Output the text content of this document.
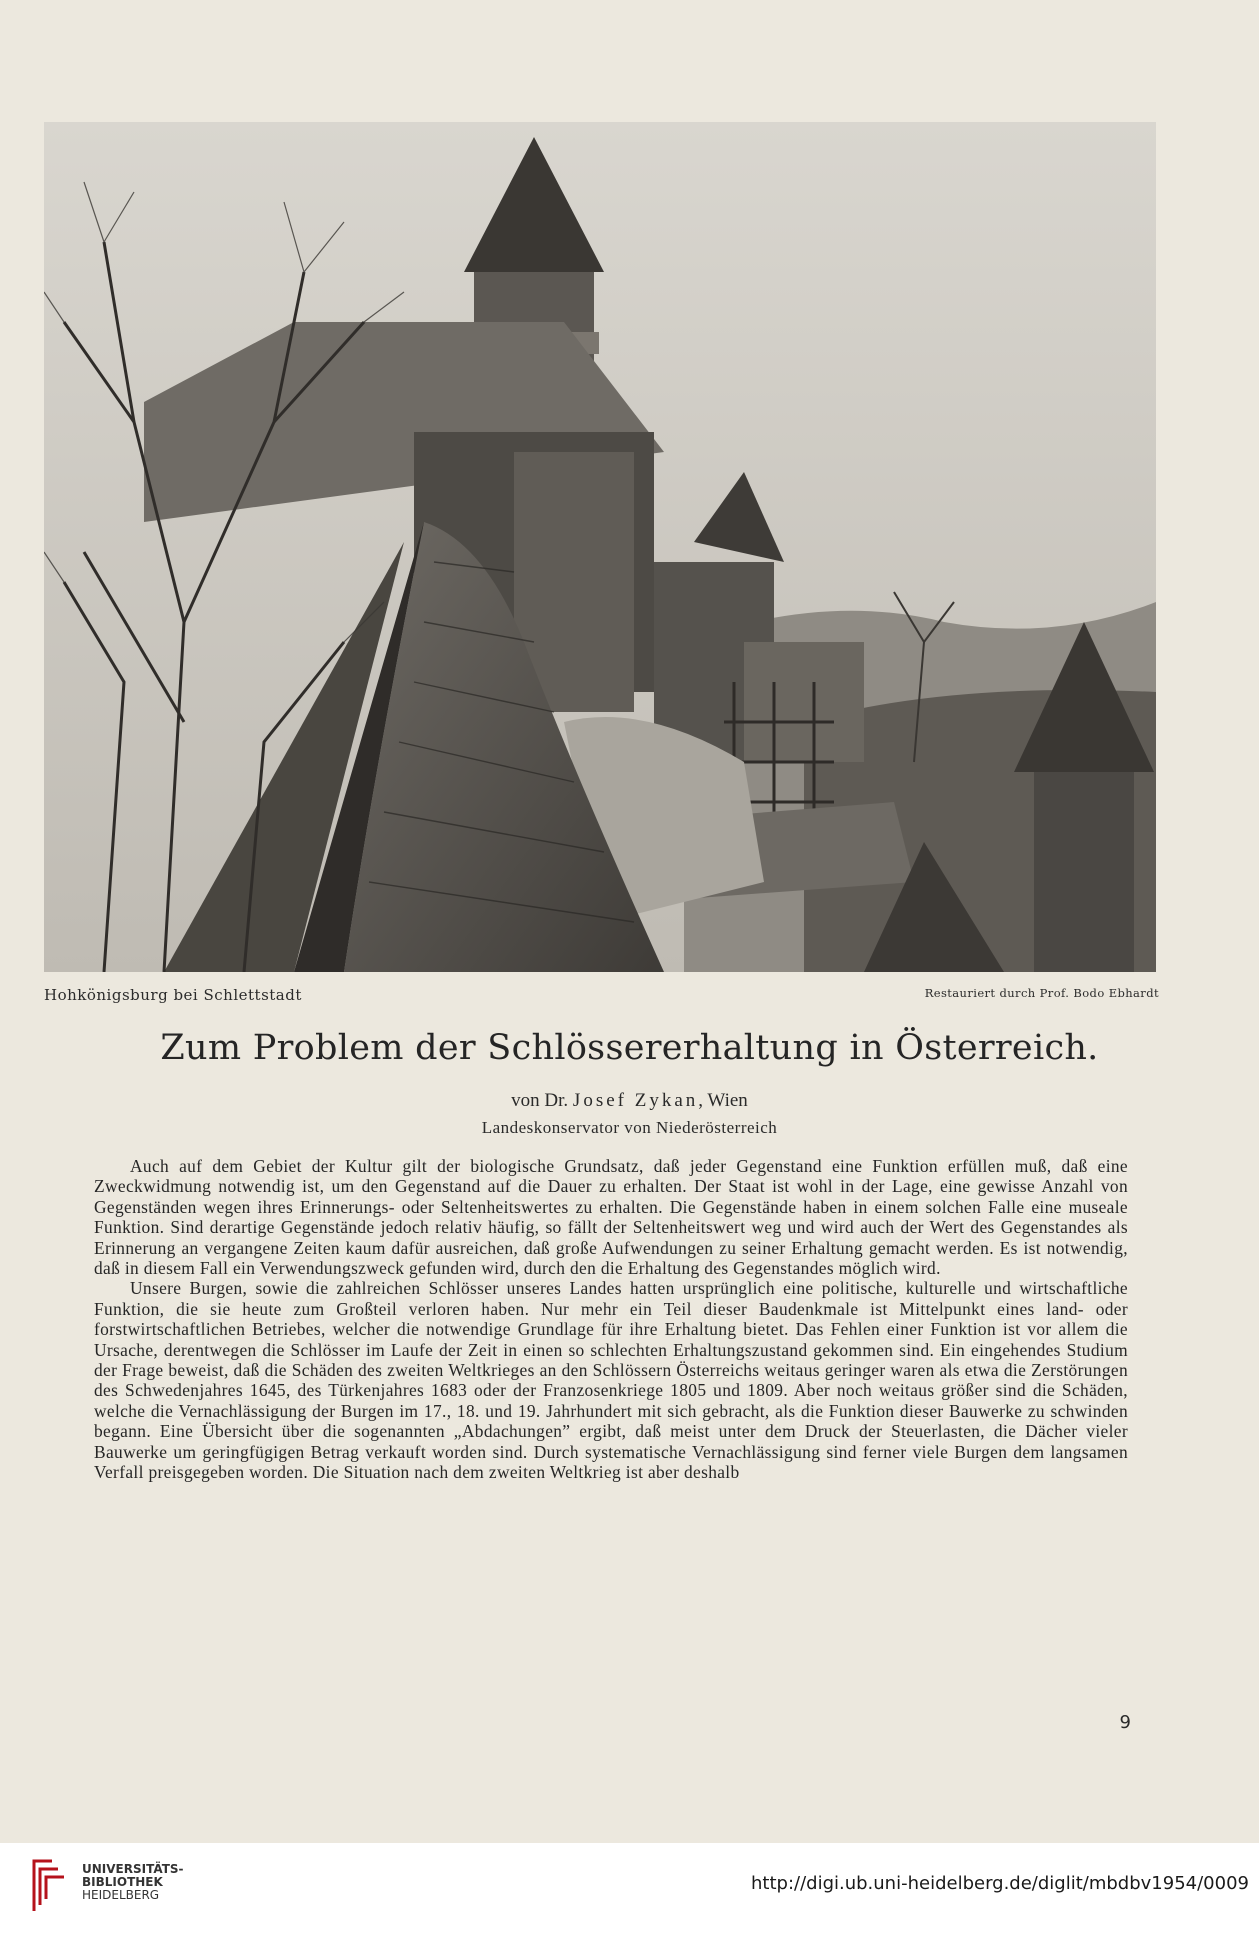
Hohkönigsburg bei Schlettstadt	Restauriert durch Prof. Bodo Ebhardt
Zum Problem der Schlössererhaltung in Österreich.
von Dr. Josef Zykan, Wien
Landeskonservator von Niederösterreich

Auch auf dem Gebiet der Kultur gilt der biologische Grundsatz, daß jeder Gegenstand eine Funktion erfüllen muß, daß eine Zweckwidmung notwendig ist, um den Gegenstand auf die Dauer zu erhalten. Der Staat ist wohl in der Lage, eine gewisse Anzahl von Gegenständen wegen ihres Erinnerungs- oder Seltenheitswertes zu erhalten. Die Gegenstände haben in einem solchen Falle eine museale Funktion. Sind derartige Gegenstände jedoch relativ häufig, so fällt der Seltenheitswert weg und wird auch der Wert des Gegenstandes als Erinnerung an vergangene Zeiten kaum dafür ausreichen, daß große Aufwendungen zu seiner Erhaltung gemacht werden. Es ist notwendig, daß in diesem Fall ein Verwendungszweck gefunden wird, durch den die Erhaltung des Gegenstandes möglich wird.

Unsere Burgen, sowie die zahlreichen Schlösser unseres Landes hatten ursprünglich eine politische, kulturelle und wirtschaftliche Funktion, die sie heute zum Großteil verloren haben. Nur mehr ein Teil dieser Baudenkmale ist Mittelpunkt eines land- oder forstwirtschaftlichen Betriebes, welcher die notwendige Grundlage für ihre Erhaltung bietet. Das Fehlen einer Funktion ist vor allem die Ursache, derentwegen die Schlösser im Laufe der Zeit in einen so schlechten Erhaltungszustand gekommen sind. Ein eingehendes Studium der Frage beweist, daß die Schäden des zweiten Weltkrieges an den Schlössern Österreichs weitaus geringer waren als etwa die Zerstörungen des Schwedenjahres 1645, des Türkenjahres 1683 oder der Franzosenkriege 1805 und 1809. Aber noch weitaus größer sind die Schäden, welche die Vernachlässigung der Burgen im 17., 18. und 19. Jahrhundert mit sich gebracht, als die Funktion dieser Bauwerke zu schwinden begann. Eine Übersicht über die sogenannten „Abdachungen” ergibt, daß meist unter dem Druck der Steuerlasten, die Dächer vieler Bauwerke um geringfügigen Betrag verkauft worden sind. Durch systematische Vernachlässigung sind ferner viele Burgen dem langsamen Verfall preisgegeben worden. Die Situation nach dem zweiten Weltkrieg ist aber deshalb

9
UNIVERSITÄTS-
BIBLIOTHEK
HEIDELBERG
http://digi.ub.uni-heidelberg.de/diglit/mbdbv1954/0009
